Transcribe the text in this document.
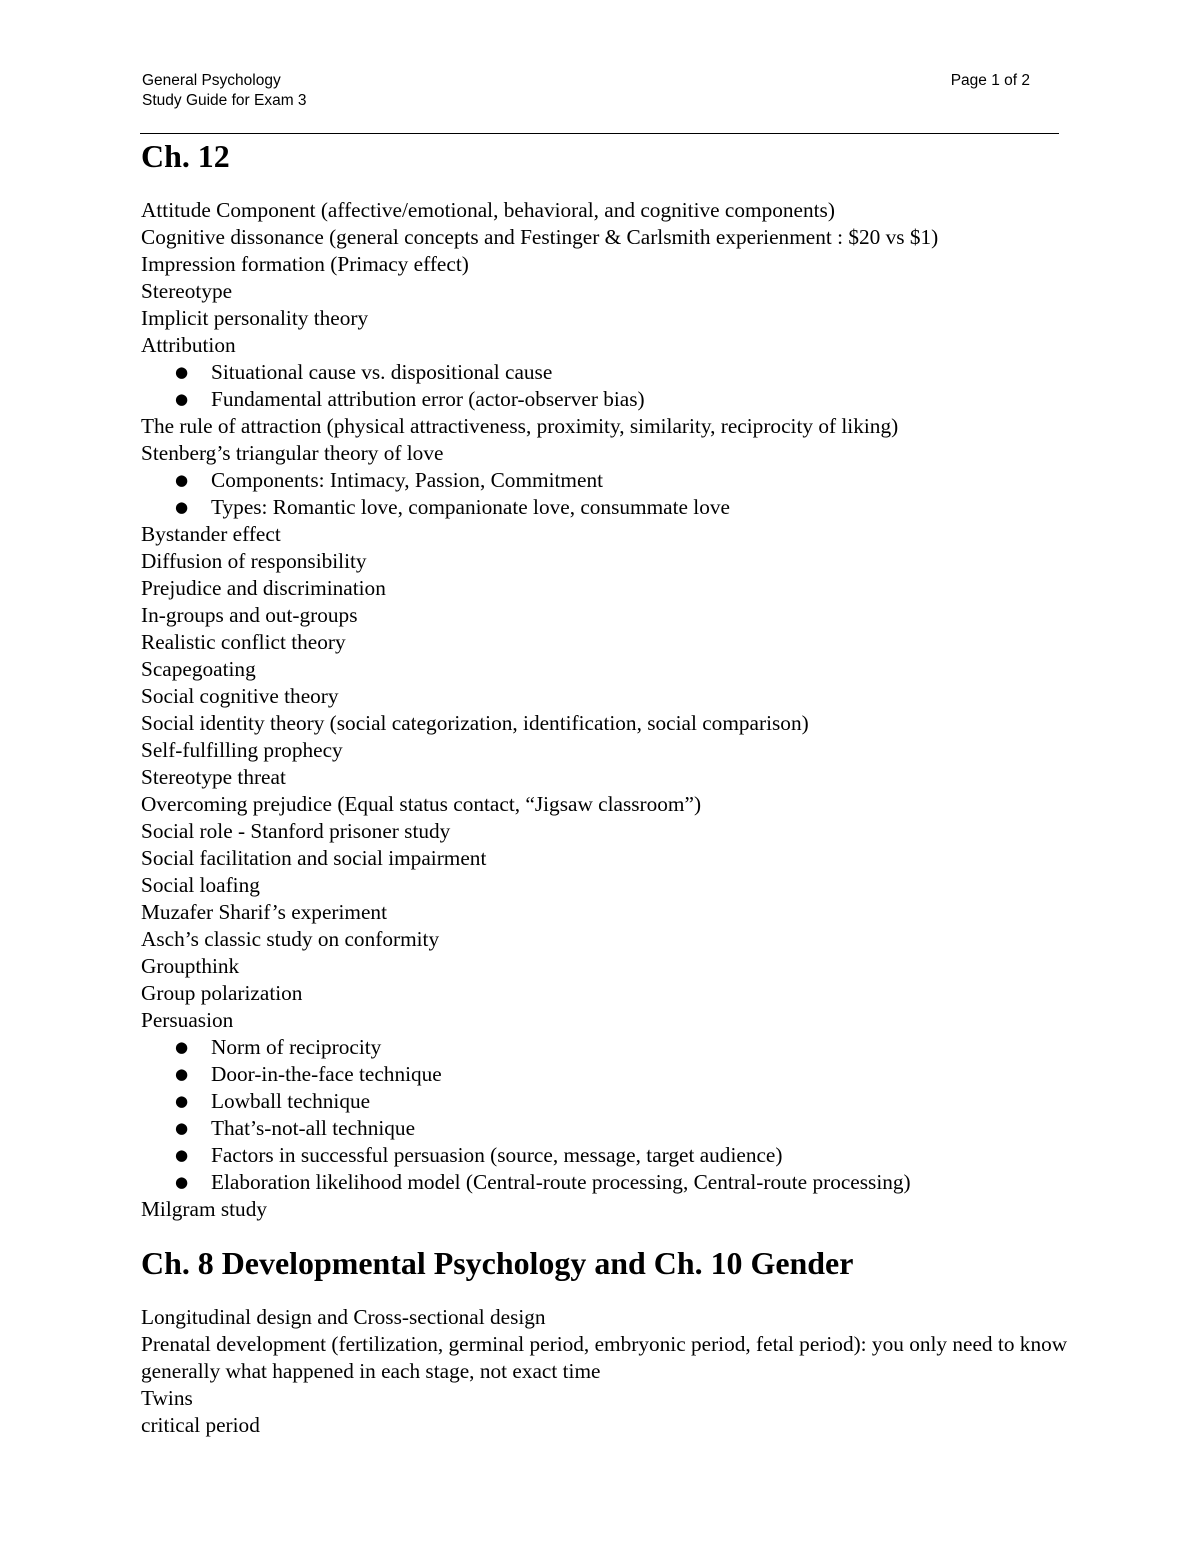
General Psychology
Study Guide for Exam 3
Page 1 of 2
Ch. 12
Attitude Component (affective/emotional, behavioral, and cognitive components)
Cognitive dissonance (general concepts and Festinger & Carlsmith experienment : $20 vs $1)
Impression formation (Primacy effect)
Stereotype
Implicit personality theory
Attribution
● Situational cause vs. dispositional cause
● Fundamental attribution error (actor-observer bias)
The rule of attraction (physical attractiveness, proximity, similarity, reciprocity of liking)
Stenberg’s triangular theory of love
● Components: Intimacy, Passion, Commitment
● Types: Romantic love, companionate love, consummate love
Bystander effect
Diffusion of responsibility
Prejudice and discrimination
In-groups and out-groups
Realistic conflict theory
Scapegoating
Social cognitive theory
Social identity theory (social categorization, identification, social comparison)
Self-fulfilling prophecy
Stereotype threat
Overcoming prejudice (Equal status contact, “Jigsaw classroom”)
Social role - Stanford prisoner study
Social facilitation and social impairment
Social loafing
Muzafer Sharif’s experiment
Asch’s classic study on conformity
Groupthink
Group polarization
Persuasion
● Norm of reciprocity
● Door-in-the-face technique
● Lowball technique
● That’s-not-all technique
● Factors in successful persuasion (source, message, target audience)
● Elaboration likelihood model (Central-route processing, Central-route processing)
Milgram study
Ch. 8 Developmental Psychology and Ch. 10 Gender
Longitudinal design and Cross-sectional design
Prenatal development (fertilization, germinal period, embryonic period, fetal period): you only need to know generally what happened in each stage, not exact time
Twins
critical period
